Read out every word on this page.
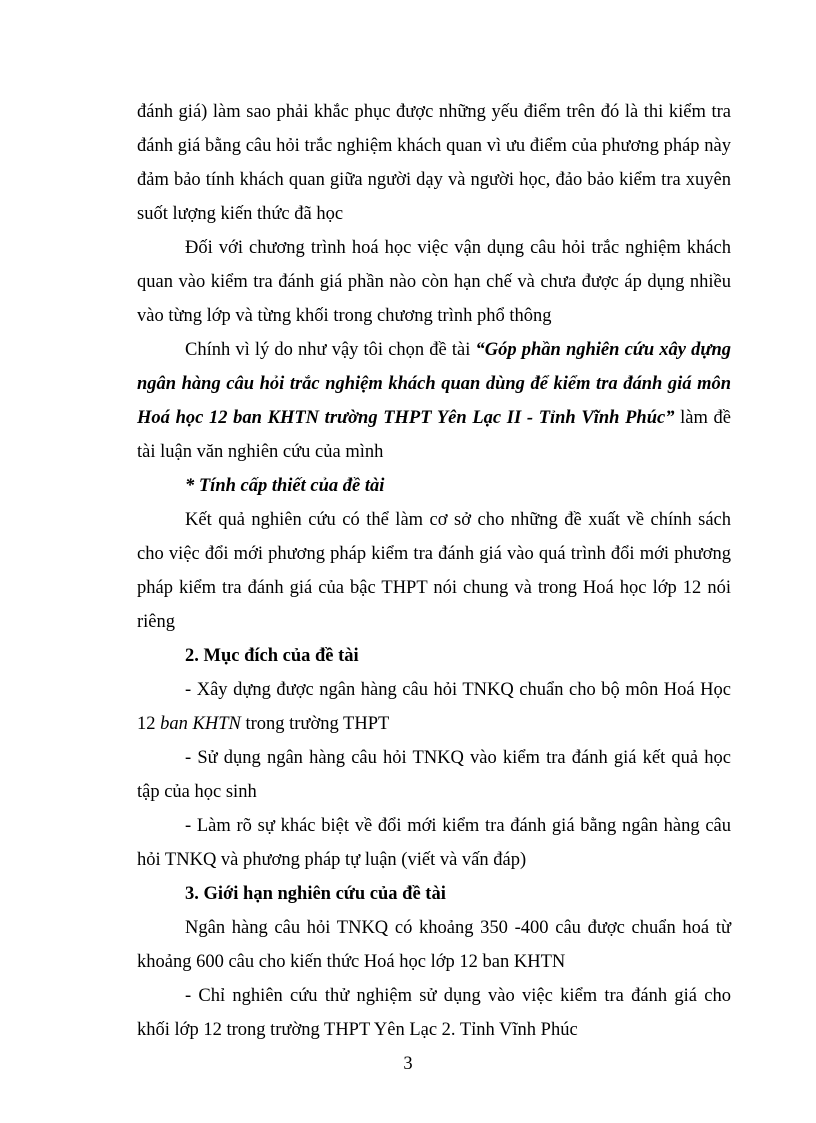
đánh giá) làm sao phải khắc phục được những yếu điểm trên đó là thi kiểm tra đánh giá bằng câu hỏi trắc nghiệm khách quan vì ưu điểm của phương pháp này đảm bảo tính khách quan giữa người dạy và người học, đảo bảo kiểm tra xuyên suốt lượng kiến thức đã học

Đối với chương trình hoá học việc vận dụng câu hỏi trắc nghiệm khách quan vào kiểm tra đánh giá phần nào còn hạn chế và chưa được áp dụng nhiều vào từng lớp và từng khối trong chương trình phổ thông

Chính vì lý do như vậy tôi chọn đề tài “Góp phần nghiên cứu xây dựng ngân hàng câu hỏi trắc nghiệm khách quan dùng để kiểm tra đánh giá môn Hoá học 12 ban KHTN trường THPT Yên Lạc II - Tỉnh Vĩnh Phúc” làm đề tài luận văn nghiên cứu của mình

* Tính cấp thiết của đề tài

Kết quả nghiên cứu có thể làm cơ sở cho những đề xuất về chính sách cho việc đổi mới phương pháp kiểm tra đánh giá vào quá trình đổi mới phương pháp kiểm tra đánh giá của bậc THPT nói chung và trong Hoá học lớp 12 nói riêng

2. Mục đích của đề tài

- Xây dựng được ngân hàng câu hỏi TNKQ chuẩn cho bộ môn Hoá Học 12 ban KHTN trong trường THPT

- Sử dụng ngân hàng câu hỏi TNKQ vào kiểm tra đánh giá kết quả học tập của học sinh

- Làm rõ sự khác biệt về đổi mới kiểm tra đánh giá bằng ngân hàng câu hỏi TNKQ và phương pháp tự luận (viết và vấn đáp)

3. Giới hạn nghiên cứu của đề tài

Ngân hàng câu hỏi TNKQ có khoảng 350 -400 câu được chuẩn hoá từ khoảng 600 câu cho kiến thức Hoá học lớp 12 ban KHTN

- Chỉ nghiên cứu thử nghiệm sử dụng vào việc kiểm tra đánh giá cho khối lớp 12 trong trường THPT Yên Lạc 2. Tỉnh Vĩnh Phúc

3
